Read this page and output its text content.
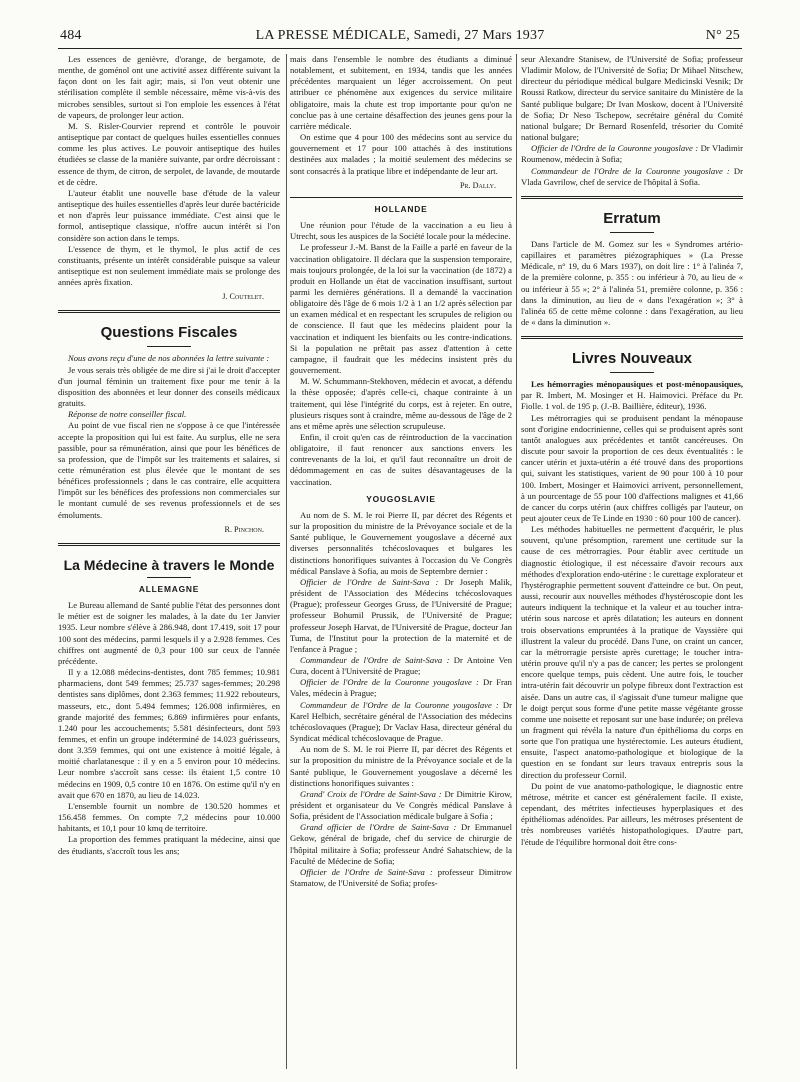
484	LA PRESSE MÉDICALE, Samedi, 27 Mars 1937	N° 25

Les essences de genièvre, d'orange, de bergamote, de menthe, de goménol ont une activité assez différente suivant la façon dont on les fait agir; mais, si l'on veut obtenir une stérilisation complète il semble nécessaire, même vis-à-vis des microbes sensibles, surtout si l'on emploie les essences à l'état de vapeurs, de prolonger leur action.

M. S. Risler-Courvier reprend et contrôle le pouvoir antiseptique par contact de quelques huiles essentielles connues comme les plus actives. Le pouvoir antiseptique des huiles étudiées se classe de la manière suivante, par ordre décroissant : essence de thym, de citron, de serpolet, de lavande, de moutarde et de cèdre.

L'auteur établit une nouvelle base d'étude de la valeur antiseptique des huiles essentielles d'après leur durée bactéricide et non d'après leur puissance immédiate. C'est ainsi que le formol, antiseptique classique, n'offre aucun intérêt si l'on considère son action dans le temps.

L'essence de thym, et le thymol, le plus actif de ces constituants, présente un intérêt considérable puisque sa valeur antiseptique est non seulement immédiate mais se prolonge des années après fixation.

J. Coutelet.
Questions Fiscales

Nous avons reçu d'une de nos abonnées la lettre suivante :

Je vous serais très obligée de me dire si j'ai le droit d'accepter d'un journal féminin un traitement fixe pour me tenir à la disposition des abonnées et leur donner des conseils médicaux gratuits.

Réponse de notre conseiller fiscal.

Au point de vue fiscal rien ne s'oppose à ce que l'intéressée accepte la proposition qui lui est faite. Au surplus, elle ne sera passible, pour sa rémunération, ainsi que pour les bénéfices de sa profession, que de l'impôt sur les traitements et salaires, si cette rémunération est plus élevée que le montant de ses bénéfices professionnels ; dans le cas contraire, elle acquittera l'impôt sur les bénéfices des professions non commerciales sur le montant cumulé de ses revenus professionnels et de ses émoluments.

R. Pinchon.
La Médecine à travers le Monde
ALLEMAGNE

Le Bureau allemand de Santé publie l'état des personnes dont le métier est de soigner les malades, à la date du 1er Janvier 1935. Leur nombre s'élève à 286.948, dont 17.419, soit 17 pour 100 sont des médecins, parmi lesquels il y a 2.928 femmes. Ces chiffres ont augmenté de 0,3 pour 100 sur ceux de l'année précédente.

Il y a 12.088 médecins-dentistes, dont 785 femmes; 10.981 pharmaciens, dont 549 femmes; 25.737 sages-femmes; 20.298 dentistes sans diplômes, dont 2.363 femmes; 11.922 rebouteurs, masseurs, etc., dont 5.494 femmes; 126.008 infirmières, en grande majorité des femmes; 6.869 infirmières pour enfants, 1.240 pour les accouchements; 5.581 désinfecteurs, dont 593 femmes, et enfin un groupe indéterminé de 14.023 guérisseurs, dont 3.359 femmes, qui ont une existence à moitié légale, à moitié charlatanesque : il y en a 5 environ pour 10 médecins. Leur nombre s'accroît sans cesse: ils étaient 1,5 contre 10 médecins en 1909, 0,5 contre 10 en 1876. On estime qu'il n'y en avait que 670 en 1870, au lieu de 14.023.

L'ensemble fournit un nombre de 130.520 hommes et 156.458 femmes. On compte 7,2 médecins pour 10.000 habitants, et 10,1 pour 10 kmq de territoire.

La proportion des femmes pratiquant la médecine, ainsi que des étudiants, s'accroît tous les ans;

mais dans l'ensemble le nombre des étudiants a diminué notablement, et subitement, en 1934, tandis que les années précédentes marquaient un léger accroissement. On peut attribuer ce phénomène aux exigences du service militaire obligatoire, mais la chute est trop importante pour qu'on ne conclue pas à une certaine désaffection des jeunes gens pour la carrière médicale.

On estime que 4 pour 100 des médecins sont au service du gouvernement et 17 pour 100 attachés à des institutions destinées aux malades ; la moitié seulement des médecins se sont consacrés à la pratique libre et indépendante de leur art.

Pr. Dally.
HOLLANDE

Une réunion pour l'étude de la vaccination a eu lieu à Utrecht, sous les auspices de la Société locale pour la médecine.

Le professeur J.-M. Banst de la Faille a parlé en faveur de la vaccination obligatoire. Il déclara que la suspension temporaire, mais toujours prolongée, de la loi sur la vaccination (de 1872) a produit en Hollande un état de vaccination insuffisant, surtout parmi les dernières générations. Il a demandé la vaccination obligatoire dès l'âge de 6 mois 1/2 à 1 an 1/2 après sélection par un examen médical et en respectant les scrupules de religion ou de conscience. Il faut que les médecins plaident pour la vaccination et indiquent les bienfaits ou les contre-indications. Si la population ne prêtait pas assez d'attention à cette campagne, il faudrait que les médecins insistent près du gouvernement.

M. W. Schummann-Stekhoven, médecin et avocat, a défendu la thèse opposée; d'après celle-ci, chaque contrainte à un traitement, qui lèse l'intégrité du corps, est à rejeter. En outre, plusieurs risques sont à craindre, même au-dessous de l'âge de 2 ans et même après une sélection scrupuleuse.

Enfin, il croit qu'en cas de réintroduction de la vaccination obligatoire, il faut renoncer aux sanctions envers les contrevenants de la loi, et qu'il faut reconnaître un droit de dédommagement en cas de suites désavantageuses de la vaccination.

YOUGOSLAVIE

Au nom de S. M. le roi Pierre II, par décret des Régents et sur la proposition du ministre de la Prévoyance sociale et de la Santé publique, le Gouvernement yougoslave a décerné aux diverses personnalités tchécoslovaques et bulgares les distinctions honorifiques suivantes à l'occasion du Ve Congrès médical Panslave à Sofia, au mois de Septembre dernier :

Officier de l'Ordre de Saint-Sava : Dr Joseph Malik, président de l'Association des Médecins tchécoslovaques (Prague); professeur Georges Gruss, de l'Université de Prague; professeur Bohumil Prussik, de l'Université de Prague; professeur Joseph Harvat, de l'Université de Prague, docteur Jan Tuma, de l'Institut pour la protection de la maternité et de l'enfance à Prague ;

Commandeur de l'Ordre de Saint-Sava : Dr Antoine Ven Cura, docent à l'Université de Prague;

Officier de l'Ordre de la Couronne yougoslave : Dr Fran Vales, médecin à Prague;

Commandeur de l'Ordre de la Couronne yougoslave : Dr Karel Helbich, secrétaire général de l'Association des médecins tchécoslovaques (Prague); Dr Vaclav Hasa, directeur général du Syndicat médical tchécoslovaque de Prague.

Au nom de S. M. le roi Pierre II, par décret des Régents et sur la proposition du ministre de la Prévoyance sociale et de la Santé publique, le Gouvernement yougoslave a décerné les distinctions honorifiques suivantes :

Grand' Croix de l'Ordre de Saint-Sava : Dr Dimitrie Kirow, président et organisateur du Ve Congrès médical Panslave à Sofia, président de l'Association médicale bulgare à Sofia ;

Grand officier de l'Ordre de Saint-Sava : Dr Emmanuel Gekow, général de brigade, chef du service de chirurgie de l'hôpital militaire à Sofia; professeur André Sahatschiew, de la Faculté de Médecine de Sofia;

Officier de l'Ordre de Saint-Sava : professeur Dimitrow Stamatow, de l'Université de Sofia; profes-

seur Alexandre Stanisew, de l'Université de Sofia; professeur Vladimir Molow, de l'Université de Sofia; Dr Mihael Nitschew, directeur du périodique médical bulgare Medicinski Vesnik; Dr Roussi Ratkow, directeur du service sanitaire du Ministère de la Santé publique bulgare; Dr Ivan Moskow, docent à l'Université de Sofia; Dr Neso Tschepow, secrétaire général du Comité national bulgare; Dr Bernard Rosenfeld, trésorier du Comité national bulgare;

Officier de l'Ordre de la Couronne yougoslave : Dr Vladimir Roumenow, médecin à Sofia;

Commandeur de l'Ordre de la Couronne yougoslave : Dr Vlada Gavrilow, chef de service de l'hôpital à Sofia.

Erratum

Dans l'article de M. Gomez sur les « Syndromes artério-capillaires et paramètres piézographiques » (La Presse Médicale, n° 19, du 6 Mars 1937), on doit lire : 1° à l'alinéa 7, de la première colonne, p. 355 : ou inférieur à 70, au lieu de « ou inférieur à 55 »; 2° à l'alinéa 51, première colonne, p. 356 : dans la diminution, au lieu de « dans l'exagération »; 3° à l'alinéa 65 de cette même colonne : dans l'exagération, au lieu de « dans la diminution ».

Livres Nouveaux

Les hémorragies ménopausiques et post-ménopausiques, par R. Imbert, M. Mosinger et H. Haimovici. Préface du Pr. Fiolle. 1 vol. de 195 p. (J.-B. Baillière, éditeur), 1936.

Les métrorragies qui se produisent pendant la ménopause sont d'origine endocrinienne, celles qui se produisent après sont tantôt analogues aux précédentes et tantôt cancéreuses. On discute pour savoir la proportion de ces deux éventualités : le cancer utérin et juxta-utérin a été trouvé dans des proportions qui, suivant les statistiques, varient de 90 pour 100 à 10 pour 100. Imbert, Mosinger et Haimovici arrivent, personnellement, à un pourcentage de 55 pour 100 d'affections malignes et 41,66 de cancer du corps utérin (aux chiffres colligés par l'auteur, on peut ajouter ceux de Te Linde en 1930 : 60 pour 100 de cancer).

Les méthodes habituelles ne permettent d'acquérir, le plus souvent, qu'une présomption, rarement une certitude sur la cause de ces métrorragies. Pour établir avec certitude un diagnostic étiologique, il est nécessaire d'avoir recours aux méthodes d'exploration endo-utérine : le curettage explorateur et l'hystérographie permettent souvent d'atteindre ce but. On peut, aussi, recourir aux nouvelles méthodes d'hystéroscopie dont les auteurs indiquent la technique et la valeur et au toucher intra-utérin sous narcose et après dilatation; les auteurs en donnent trois observations empruntées à la pratique de Vayssière qui illustrent la valeur du procédé. Dans l'une, on craint un cancer, car la métrorragie persiste après curettage; le toucher intra-utérin prouve qu'il n'y a pas de cancer; les pertes se prolongent encore quelque temps, puis cèdent. Une autre fois, le toucher intra-utérin fait découvrir un polype fibreux dont l'extraction est aisée. Dans un autre cas, il s'agissait d'une tumeur maligne que le doigt perçut sous forme d'une petite masse végétante grosse comme une noisette et reposant sur une base indurée; on préleva un fragment qui révéla la nature d'un épithélioma du corps en sorte que l'on pratiqua une hystérectomie. Les auteurs étudient, ensuite, l'aspect anatomo-pathologique et biologique de la question en se fondant sur leurs travaux entrepris sous la direction du professeur Cornil.

Du point de vue anatomo-pathologique, le diagnostic entre métrose, métrite et cancer est généralement facile. Il existe, cependant, des métrites infectieuses hyperplasiques et des épithéliomas adénoïdes. Par ailleurs, les métroses présentent de très nombreuses variétés histopathologiques. D'autre part, l'étude de l'équilibre hormonal doit être cons-
